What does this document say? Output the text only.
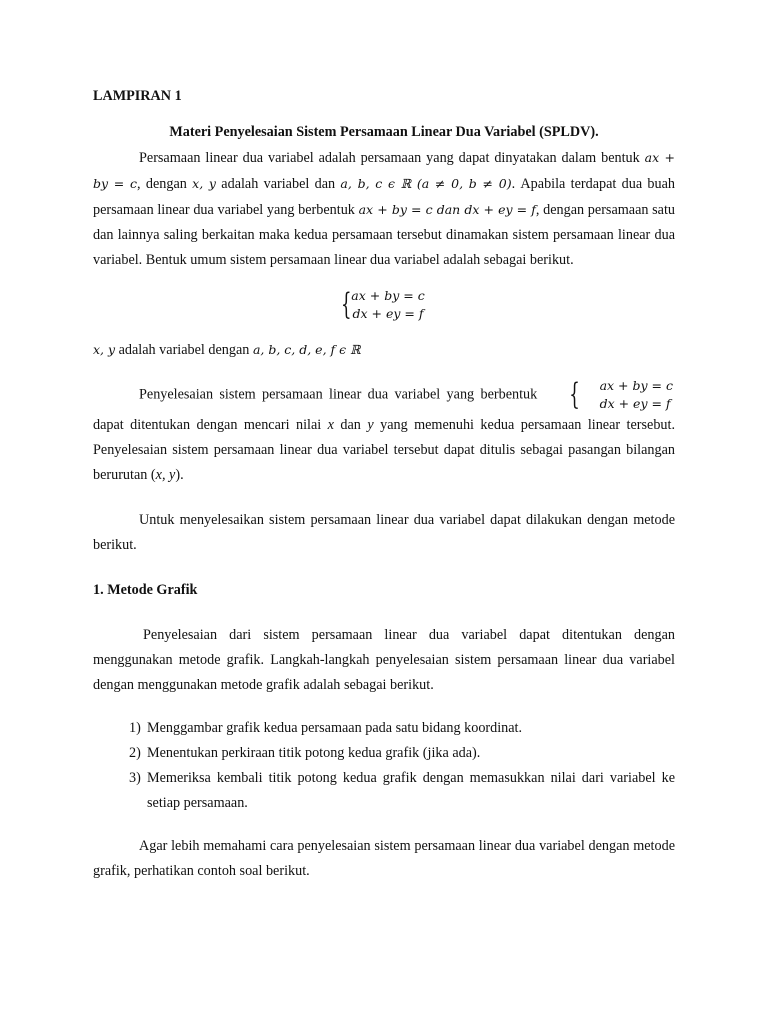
LAMPIRAN 1

Materi Penyelesaian Sistem Persamaan Linear Dua Variabel (SPLDV).

Persamaan linear dua variabel adalah persamaan yang dapat dinyatakan dalam bentuk ax + by = c, dengan x, y adalah variabel dan a, b, c ϵ ℝ (a ≠ 0, b ≠ 0). Apabila terdapat dua buah persamaan linear dua variabel yang berbentuk ax + by = c dan dx + ey = f, dengan persamaan satu dan lainnya saling berkaitan maka kedua persamaan tersebut dinamakan sistem persamaan linear dua variabel. Bentuk umum sistem persamaan linear dua variabel adalah sebagai berikut.

{ ax + by = c
dx + ey = f

x, y adalah variabel dengan a, b, c, d, e, f ϵ ℝ

Penyelesaian sistem persamaan linear dua variabel yang berbentuk	{	ax + by = c
dx + ey = f
dapat ditentukan dengan mencari nilai x dan y yang memenuhi kedua persamaan linear tersebut. Penyelesaian sistem persamaan linear dua variabel tersebut dapat ditulis sebagai pasangan bilangan berurutan (x, y).

Untuk menyelesaikan sistem persamaan linear dua variabel dapat dilakukan dengan metode berikut.

1. Metode Grafik

Penyelesaian dari sistem persamaan linear dua variabel dapat ditentukan dengan menggunakan metode grafik. Langkah-langkah penyelesaian sistem persamaan linear dua variabel dengan menggunakan metode grafik adalah sebagai berikut.

1) Menggambar grafik kedua persamaan pada satu bidang koordinat.
2) Menentukan perkiraan titik potong kedua grafik (jika ada).
3) Memeriksa kembali titik potong kedua grafik dengan memasukkan nilai dari variabel ke setiap persamaan.

Agar lebih memahami cara penyelesaian sistem persamaan linear dua variabel dengan metode grafik, perhatikan contoh soal berikut.
